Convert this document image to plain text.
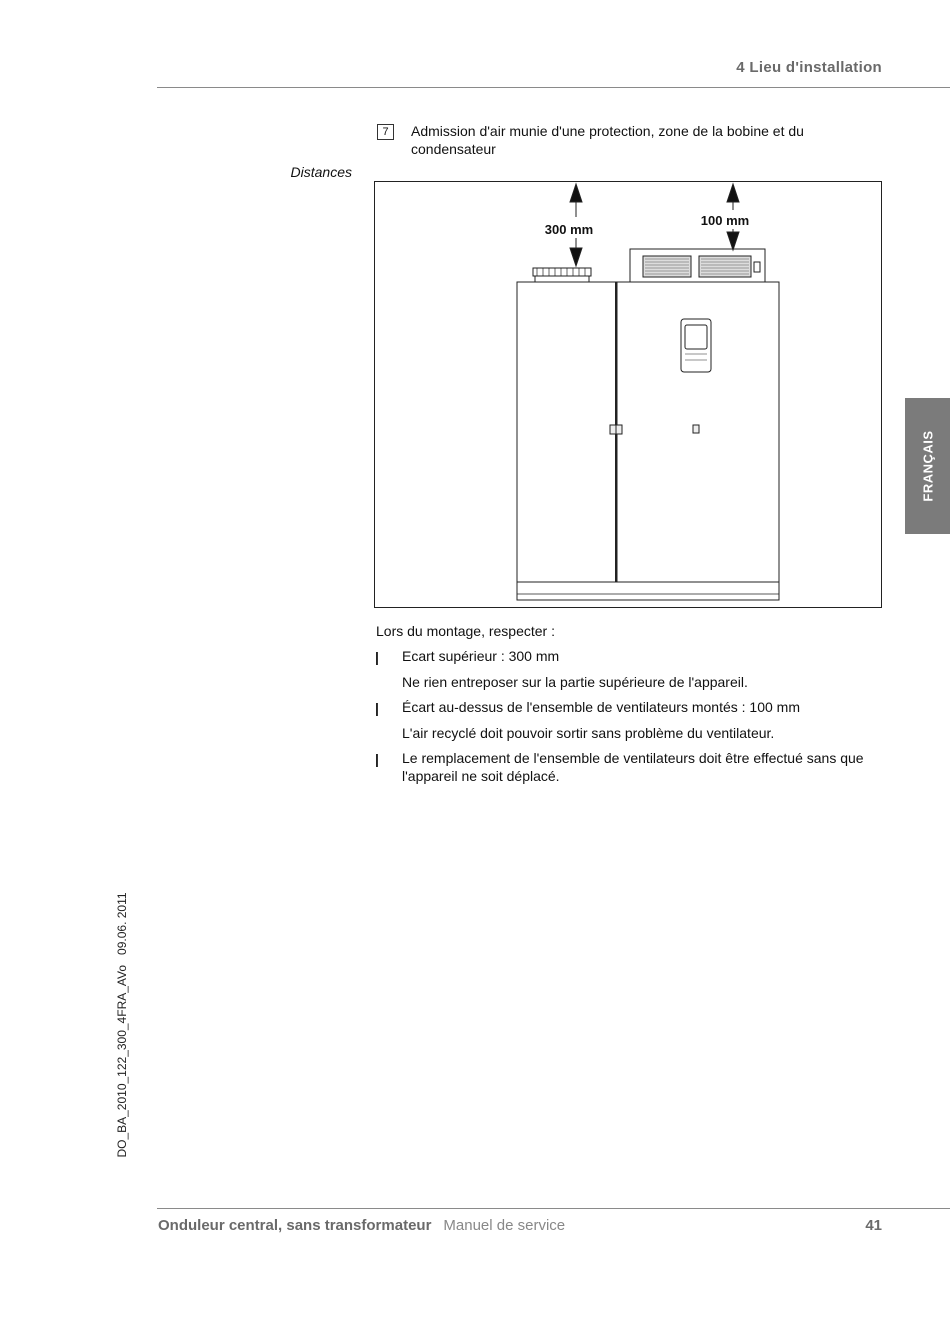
4 Lieu d'installation
7	Admission d'air munie d'une protection, zone de la bobine et du condensateur
Distances
300 mm
100 mm
Lors du montage, respecter :
| Ecart supérieur : 300 mm
Ne rien entreposer sur la partie supérieure de l'appareil.
| Écart au-dessus de l'ensemble de ventilateurs montés : 100 mm
L'air recyclé doit pouvoir sortir sans problème du ventilateur.
| Le remplacement de l'ensemble de ventilateurs doit être effectué sans que l'appareil ne soit déplacé.
FRANÇAIS
DO_BA_2010_122_300_4FRA_AVo   09.06. 2011
Onduleur central, sans transformateur Manuel de service	41
